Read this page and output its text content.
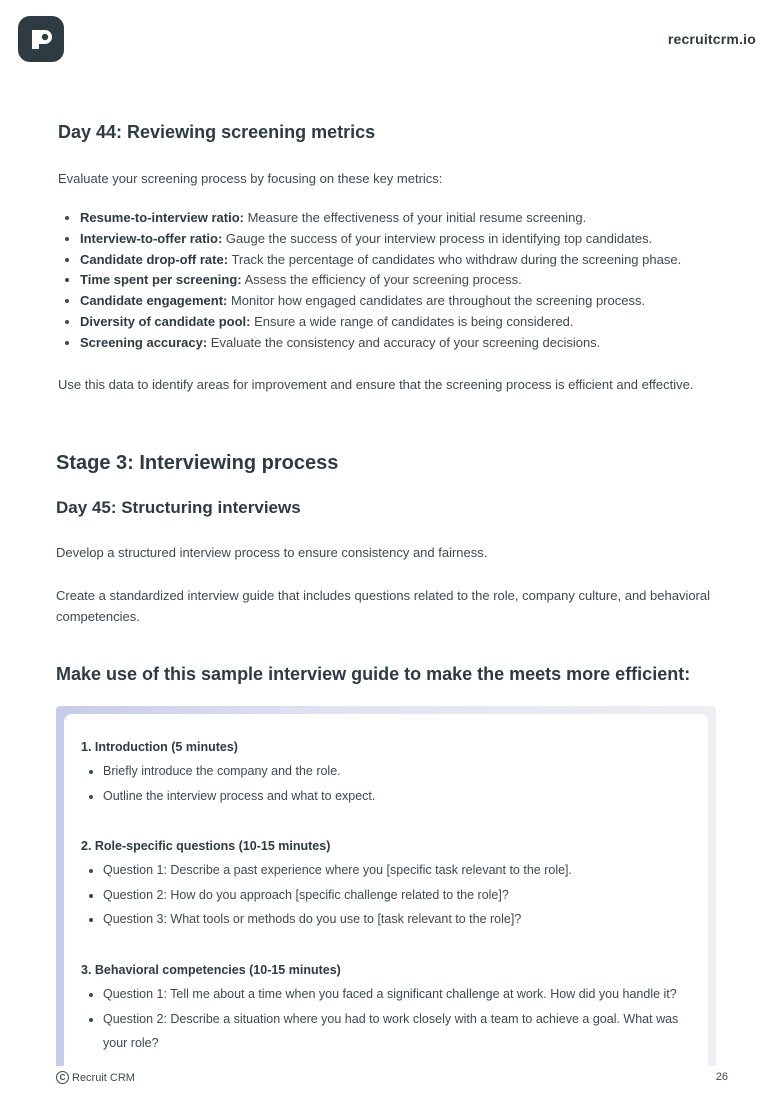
recruitcrm.io
Day 44: Reviewing screening metrics

Evaluate your screening process by focusing on these key metrics:

• Resume-to-interview ratio: Measure the effectiveness of your initial resume screening.
• Interview-to-offer ratio: Gauge the success of your interview process in identifying top candidates.
• Candidate drop-off rate: Track the percentage of candidates who withdraw during the screening phase.
• Time spent per screening: Assess the efficiency of your screening process.
• Candidate engagement: Monitor how engaged candidates are throughout the screening process.
• Diversity of candidate pool: Ensure a wide range of candidates is being considered.
• Screening accuracy: Evaluate the consistency and accuracy of your screening decisions.

Use this data to identify areas for improvement and ensure that the screening process is efficient and effective.

Stage 3: Interviewing process
Day 45: Structuring interviews

Develop a structured interview process to ensure consistency and fairness.

Create a standardized interview guide that includes questions related to the role, company culture, and behavioral competencies.

Make use of this sample interview guide to make the meets more efficient:

1. Introduction (5 minutes)

• Briefly introduce the company and the role.
• Outline the interview process and what to expect.

2. Role-specific questions (10-15 minutes)

• Question 1: Describe a past experience where you [specific task relevant to the role].
• Question 2: How do you approach [specific challenge related to the role]?
• Question 3: What tools or methods do you use to [task relevant to the role]?

3. Behavioral competencies (10-15 minutes)

• Question 1: Tell me about a time when you faced a significant challenge at work. How did you handle it?
• Question 2: Describe a situation where you had to work closely with a team to achieve a goal. What was your role?
C Recruit CRM	26
